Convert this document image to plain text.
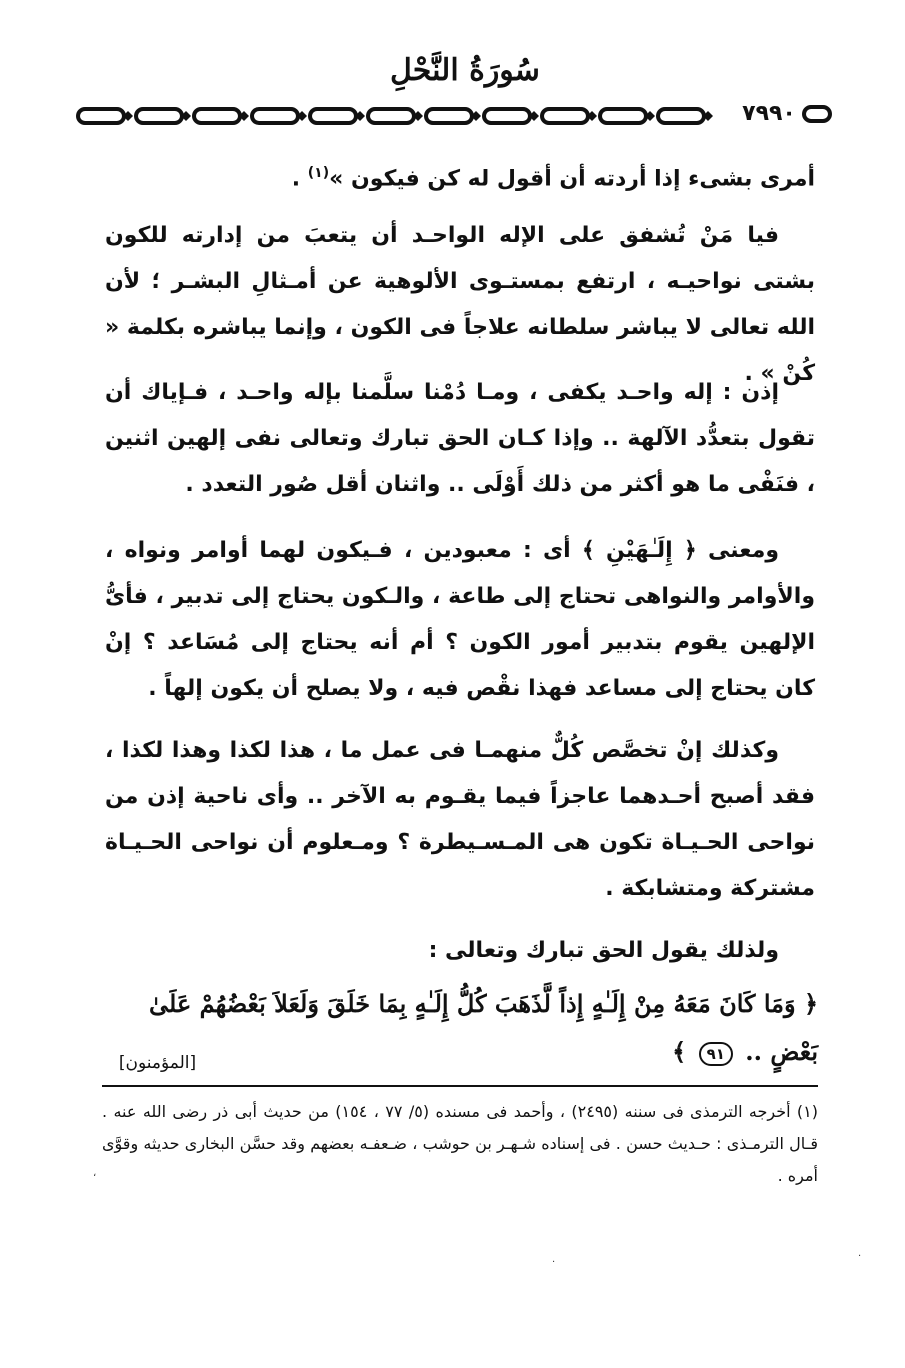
سُورَةُ النَّحْلِ
٧٩٩٠

أمرى بشىء إذا أردته أن أقول له كن فيكون »$^{(١)}$ .

فيا مَنْ تُشفق على الإله الواحـد أن يتعبَ من إدارته للكون بشتى نواحيـه ، ارتفع بمستـوى الألوهية عن أمـثالِ البشـر ؛ لأن الله تعالى لا يباشر سلطانه علاجاً فى الكون ، وإنما يباشره بكلمة « كُنْ » .

إذن : إله واحـد يكفى ، ومـا دُمْنا سلَّمنا بإله واحـد ، فـإياك أن تقول بتعدُّد الآلهة .. وإذا كـان الحق تبارك وتعالى نفى إلهين اثنين ، فنَفْى ما هو أكثر من ذلك أَوْلَى .. واثنان أقل صُور التعدد .

ومعنى ﴿ إِلَـٰهَيْنِ ﴾ أى : معبودين ، فـيكون لهما أوامر ونواه ، والأوامر والنواهى تحتاج إلى طاعة ، والـكون يحتاج إلى تدبير ، فأىُّ الإلهين يقوم بتدبير أمور الكون ؟ أم أنه يحتاج إلى مُسَاعد ؟ إنْ كان يحتاج إلى مساعد فهذا نقْص فيه ، ولا يصلح أن يكون إلهاً .

وكذلك إنْ تخصَّص كُلٌّ منهمـا فى عمل ما ، هذا لكذا وهذا لكذا ، فقد أصبح أحـدهما عاجزاً فيما يقـوم به الآخر .. وأى ناحية إذن من نواحى الحـيـاة تكون هى المـسـيطرة ؟ ومـعلوم أن نواحى الحـيـاة مشتركة ومتشابكة .

ولذلك يقول الحق تبارك وتعالى :

﴿ وَمَا كَانَ مَعَهُ مِنْ إِلَـٰهٍ إِذاً لَّذَهَبَ كُلُّ إِلَـٰهٍ بِمَا خَلَقَ وَلَعَلاَ بَعْضُهُمْ عَلَىٰ بَعْضٍ .. ٩١ ﴾
[المؤمنون]

(١) أخرجه الترمذى فى سننه (٢٤٩٥) ، وأحمد فى مسنده (٥/ ٧٧ ، ١٥٤) من حديث أبى ذر رضى الله عنه . قـال الترمـذى : حـديث حسن . فى إسناده شـهـر بن حوشب ، ضـعفـه بعضهم وقد حسَّن البخارى حديثه وقوَّى أمره .

،
.
.
